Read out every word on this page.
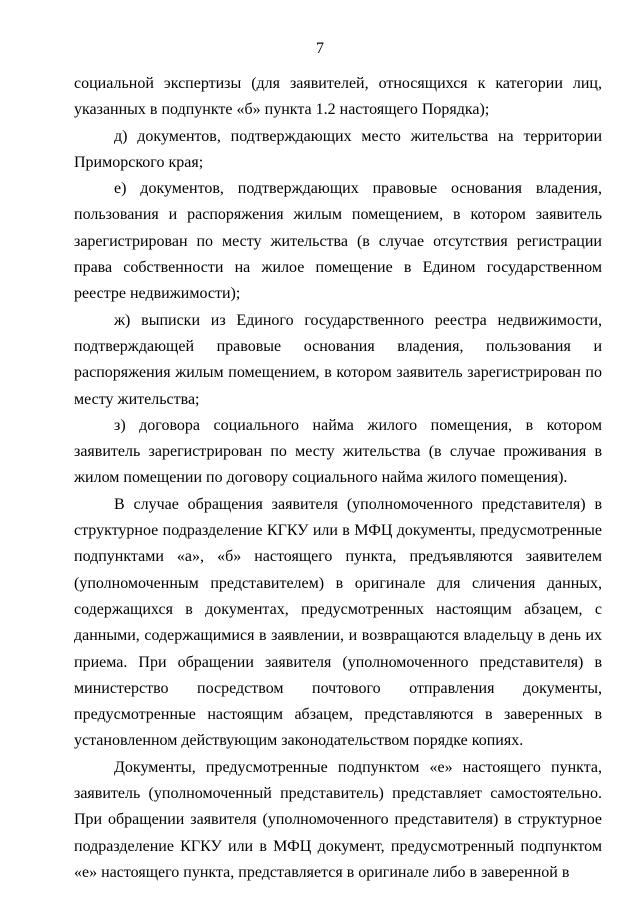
7

социальной экспертизы (для заявителей, относящихся к категории лиц, указанных в подпункте «б» пункта 1.2 настоящего Порядка);

д) документов, подтверждающих место жительства на территории Приморского края;

е) документов, подтверждающих правовые основания владения, пользования и распоряжения жилым помещением, в котором заявитель зарегистрирован по месту жительства (в случае отсутствия регистрации права собственности на жилое помещение в Едином государственном реестре недвижимости);

ж) выписки из Единого государственного реестра недвижимости, подтверждающей правовые основания владения, пользования и распоряжения жилым помещением, в котором заявитель зарегистрирован по месту жительства;

з) договора социального найма жилого помещения, в котором заявитель зарегистрирован по месту жительства (в случае проживания в жилом помещении по договору социального найма жилого помещения).

В случае обращения заявителя (уполномоченного представителя) в структурное подразделение КГКУ или в МФЦ документы, предусмотренные подпунктами «а», «б» настоящего пункта, предъявляются заявителем (уполномоченным представителем) в оригинале для сличения данных, содержащихся в документах, предусмотренных настоящим абзацем, с данными, содержащимися в заявлении, и возвращаются владельцу в день их приема. При обращении заявителя (уполномоченного представителя) в министерство посредством почтового отправления документы, предусмотренные настоящим абзацем, представляются в заверенных в установленном действующим законодательством порядке копиях.

Документы, предусмотренные подпунктом «е» настоящего пункта, заявитель (уполномоченный представитель) представляет самостоятельно. При обращении заявителя (уполномоченного представителя) в структурное подразделение КГКУ или в МФЦ документ, предусмотренный подпунктом «е» настоящего пункта, представляется в оригинале либо в заверенной в
